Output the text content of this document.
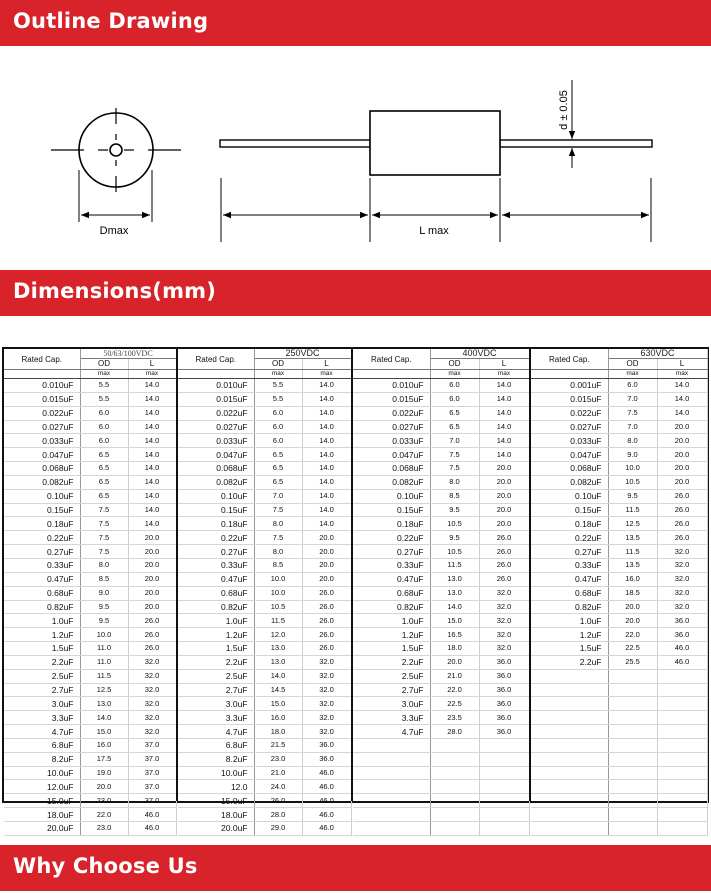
Outline Drawing
Dimensions(mm)
Why Choose Us
Dmax	L max
d ± 0.05
Rated Cap.	50/63/100VDC	
	OD	L
	max	max
0.010uF	5.5	14.0
0.015uF	5.5	14.0
0.022uF	6.0	14.0
0.027uF	6.0	14.0
0.033uF	6.0	14.0
0.047uF	6.5	14.0
0.068uF	6.5	14.0
0.082uF	6.5	14.0
0.10uF	6.5	14.0
0.15uF	7.5	14.0
0.18uF	7.5	14.0
0.22uF	7.5	20.0
0.27uF	7.5	20.0
0.33uF	8.0	20.0
0.47uF	8.5	20.0
0.68uF	9.0	20.0
0.82uF	9.5	20.0
1.0uF	9.5	26.0
1.2uF	10.0	26.0
1.5uF	11.0	26.0
2.2uF	11.0	32.0
2.5uF	11.5	32.0
2.7uF	12.5	32.0
3.0uF	13.0	32.0
3.3uF	14.0	32.0
4.7uF	15.0	32.0
6.8uF	16.0	37.0
8.2uF	17.5	37.0
10.0uF	19.0	37.0
12.0uF	20.0	37.0
15.0uF	23.0	37.0
18.0uF	22.0	46.0
20.0uF	23.0	46.0
Rated Cap.	250VDC	
	OD	L
	max	max
0.010uF	5.5	14.0
0.015uF	5.5	14.0
0.022uF	6.0	14.0
0.027uF	6.0	14.0
0.033uF	6.0	14.0
0.047uF	6.5	14.0
0.068uF	6.5	14.0
0.082uF	6.5	14.0
0.10uF	7.0	14.0
0.15uF	7.5	14.0
0.18uF	8.0	14.0
0.22uF	7.5	20.0
0.27uF	8.0	20.0
0.33uF	8.5	20.0
0.47uF	10.0	20.0
0.68uF	10.0	26.0
0.82uF	10.5	26.0
1.0uF	11.5	26.0
1.2uF	12.0	26.0
1.5uF	13.0	26.0
2.2uF	13.0	32.0
2.5uF	14.0	32.0
2.7uF	14.5	32.0
3.0uF	15.0	32.0
3.3uF	16.0	32.0
4.7uF	18.0	32.0
6.8uF	21.5	36.0
8.2uF	23.0	36.0
10.0uF	21.0	46.0
12.0	24.0	46.0
15.0uF	26.0	46.0
18.0uF	28.0	46.0
20.0uF	29.0	46.0
Rated Cap.	400VDC	
	OD	L
	max	max
0.010uF	6.0	14.0
0.015uF	6.0	14.0
0.022uF	6.5	14.0
0.027uF	6.5	14.0
0.033uF	7.0	14.0
0.047uF	7.5	14.0
0.068uF	7.5	20.0
0.082uF	8.0	20.0
0.10uF	8.5	20.0
0.15uF	9.5	20.0
0.18uF	10.5	20.0
0.22uF	9.5	26.0
0.27uF	10.5	26.0
0.33uF	11.5	26.0
0.47uF	13.0	26.0
0.68uF	13.0	32.0
0.82uF	14.0	32.0
1.0uF	15.0	32.0
1.2uF	16.5	32.0
1.5uF	18.0	32.0
2.2uF	20.0	36.0
2.5uF	21.0	36.0
2.7uF	22.0	36.0
3.0uF	22.5	36.0
3.3uF	23.5	36.0
4.7uF	28.0	36.0

Rated Cap.	630VDC	
	OD	L
	max	max
0.001uF	6.0	14.0
0.015uF	7.0	14.0
0.022uF	7.5	14.0
0.027uF	7.0	20.0
0.033uF	8.0	20.0
0.047uF	9.0	20.0
0.068uF	10.0	20.0
0.082uF	10.5	20.0
0.10uF	9.5	26.0
0.15uF	11.5	26.0
0.18uF	12.5	26.0
0.22uF	13.5	26.0
0.27uF	11.5	32.0
0.33uF	13.5	32.0
0.47uF	16.0	32.0
0.68uF	18.5	32.0
0.82uF	20.0	32.0
1.0uF	20.0	36.0
1.2uF	22.0	36.0
1.5uF	22.5	46.0
2.2uF	25.5	46.0
